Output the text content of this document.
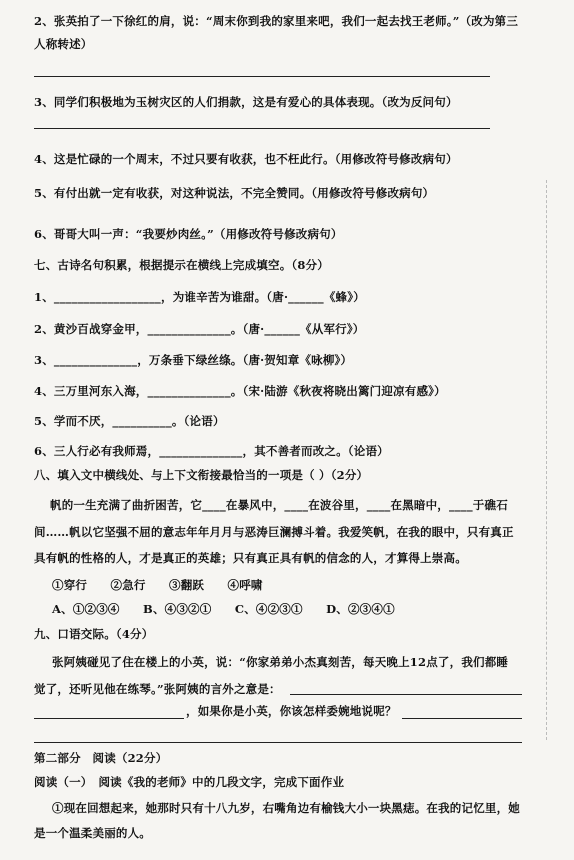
2、张英拍了一下徐红的肩，说：“周末你到我的家里来吧，我们一起去找王老师。”（改为第三
人称转述）
3、同学们积极地为玉树灾区的人们捐款，这是有爱心的具体表现。（改为反问句）
4、这是忙碌的一个周末，不过只要有收获，也不枉此行。（用修改符号修改病句）
5、有付出就一定有收获，对这种说法，不完全赞同。（用修改符号修改病句）
6、哥哥大叫一声：“我要炒肉丝。”（用修改符号修改病句）
七、古诗名句积累，根据提示在横线上完成填空。（8分）
1、__________________，为谁辛苦为谁甜。（唐·______《蜂》）
2、黄沙百战穿金甲，______________。（唐·______《从军行》）
3、______________，万条垂下绿丝绦。（唐·贺知章《咏柳》）
4、三万里河东入海，______________。（宋·陆游《秋夜将晓出篱门迎凉有感》）
5、学而不厌，__________。（论语）
6、三人行必有我师焉，______________，其不善者而改之。（论语）
八、填入文中横线处、与上下文衔接最恰当的一项是（ ）（2分）
帆的一生充满了曲折困苦，它____在暴风中，____在波谷里，____在黑暗中，____于礁石
间……帆以它坚强不屈的意志年年月月与恶涛巨澜搏斗着。我爱笑帆，在我的眼中，只有真正
具有帆的性格的人，才是真正的英雄；只有真正具有帆的信念的人，才算得上崇高。
①穿行　　②急行　　③翻跃　　④呼啸
A、①②③④　　B、④③②①　　C、④②③①　　D、②③④①
九、口语交际。（4分）
张阿姨碰见了住在楼上的小英，说：“你家弟弟小杰真刻苦，每天晚上12点了，我们都睡
觉了，还听见他在练琴。”张阿姨的言外之意是：
，如果你是小英，你该怎样委婉地说呢？
第二部分　阅读（22分）
阅读（一）　阅读《我的老师》中的几段文字，完成下面作业
①现在回想起来，她那时只有十八九岁，右嘴角边有榆钱大小一块黑痣。在我的记忆里，她
是一个温柔美丽的人。
